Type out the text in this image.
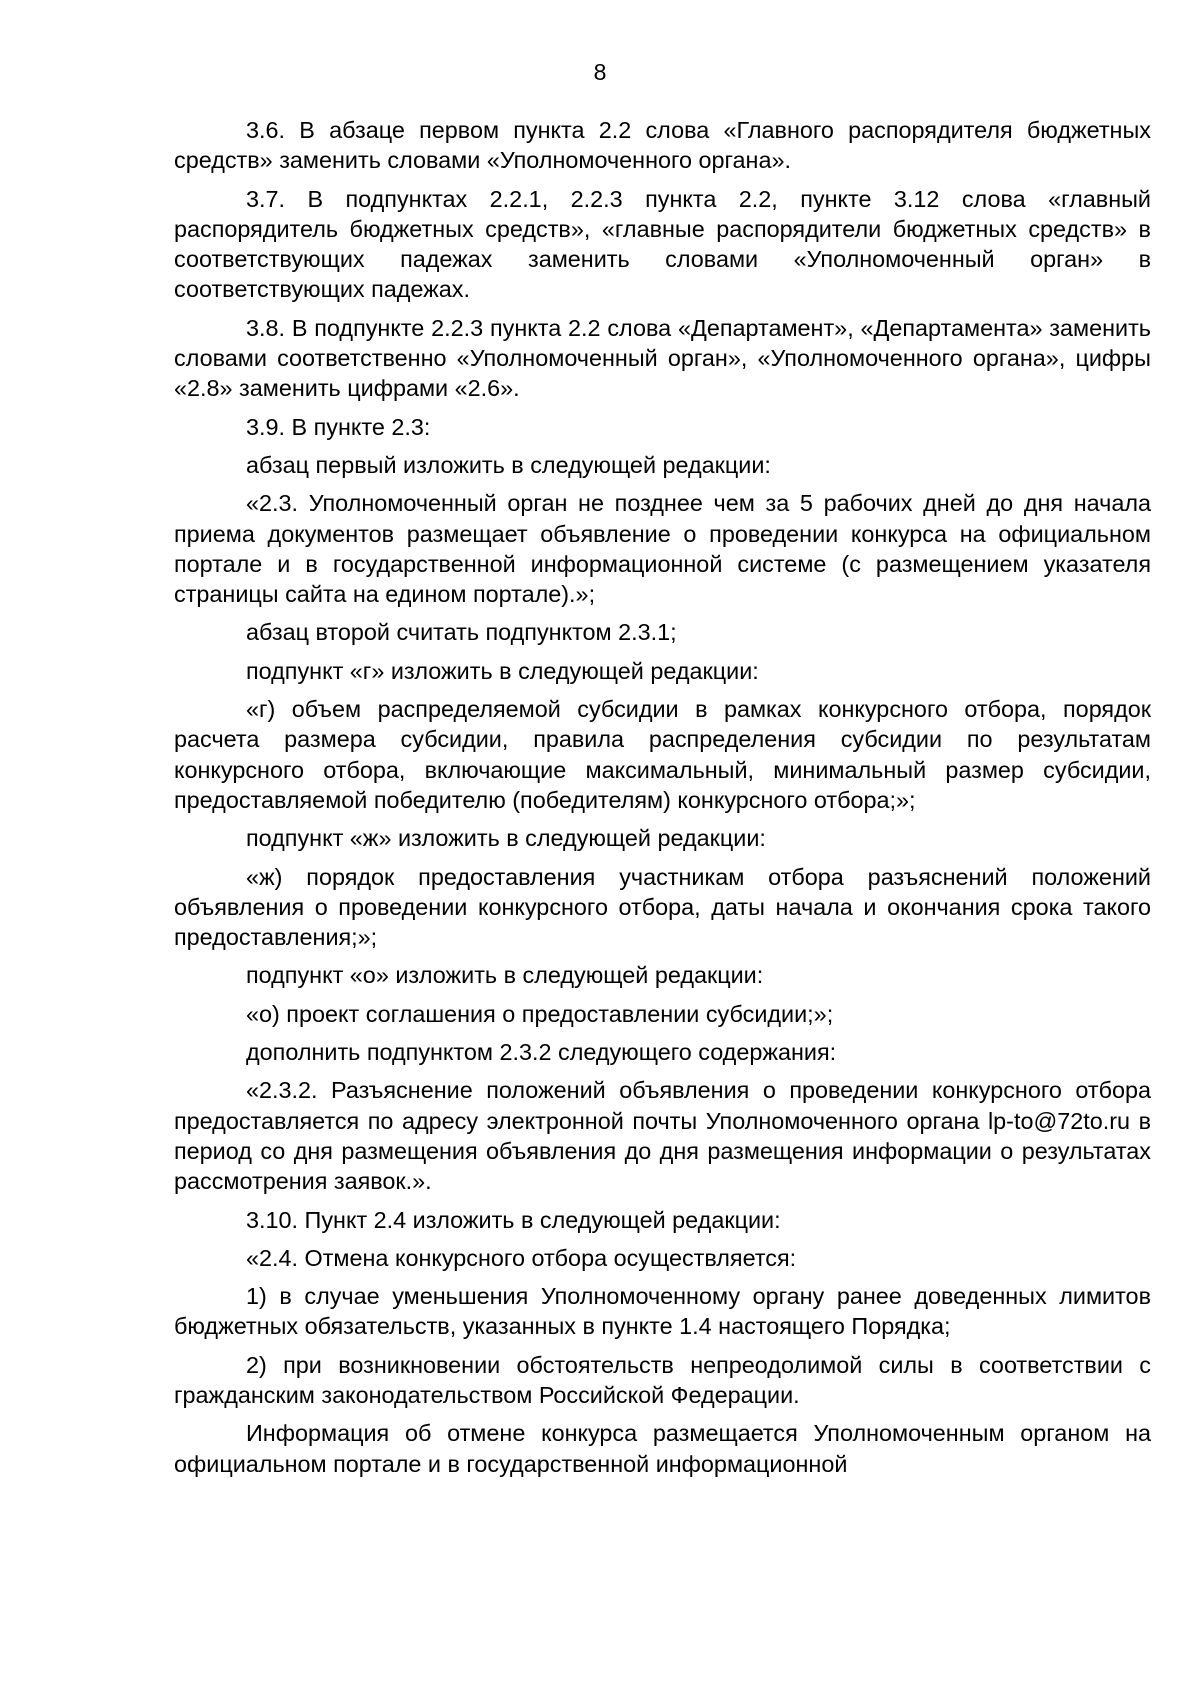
8

3.6. В абзаце первом пункта 2.2 слова «Главного распорядителя бюджетных средств» заменить словами «Уполномоченного органа».

3.7. В подпунктах 2.2.1, 2.2.3 пункта 2.2, пункте 3.12 слова «главный распорядитель бюджетных средств», «главные распорядители бюджетных средств» в соответствующих падежах заменить словами «Уполномоченный орган» в соответствующих падежах.

3.8. В подпункте 2.2.3 пункта 2.2 слова «Департамент», «Департамента» заменить словами соответственно «Уполномоченный орган», «Уполномоченного органа», цифры «2.8» заменить цифрами «2.6».

3.9. В пункте 2.3:

абзац первый изложить в следующей редакции:

«2.3. Уполномоченный орган не позднее чем за 5 рабочих дней до дня начала приема документов размещает объявление о проведении конкурса на официальном портале и в государственной информационной системе (с размещением указателя страницы сайта на едином портале).»;

абзац второй считать подпунктом 2.3.1;

подпункт «г» изложить в следующей редакции:

«г) объем распределяемой субсидии в рамках конкурсного отбора, порядок расчета размера субсидии, правила распределения субсидии по результатам конкурсного отбора, включающие максимальный, минимальный размер субсидии, предоставляемой победителю (победителям) конкурсного отбора;»;

подпункт «ж» изложить в следующей редакции:

«ж) порядок предоставления участникам отбора разъяснений положений объявления о проведении конкурсного отбора, даты начала и окончания срока такого предоставления;»;

подпункт «о» изложить в следующей редакции:

«о) проект соглашения о предоставлении субсидии;»;

дополнить подпунктом 2.3.2 следующего содержания:

«2.3.2. Разъяснение положений объявления о проведении конкурсного отбора предоставляется по адресу электронной почты Уполномоченного органа lp-to@72to.ru в период со дня размещения объявления до дня размещения информации о результатах рассмотрения заявок.».

3.10. Пункт 2.4 изложить в следующей редакции:

«2.4. Отмена конкурсного отбора осуществляется:

1) в случае уменьшения Уполномоченному органу ранее доведенных лимитов бюджетных обязательств, указанных в пункте 1.4 настоящего Порядка;

2) при возникновении обстоятельств непреодолимой силы в соответствии с гражданским законодательством Российской Федерации.

Информация об отмене конкурса размещается Уполномоченным органом на официальном портале и в государственной информационной
